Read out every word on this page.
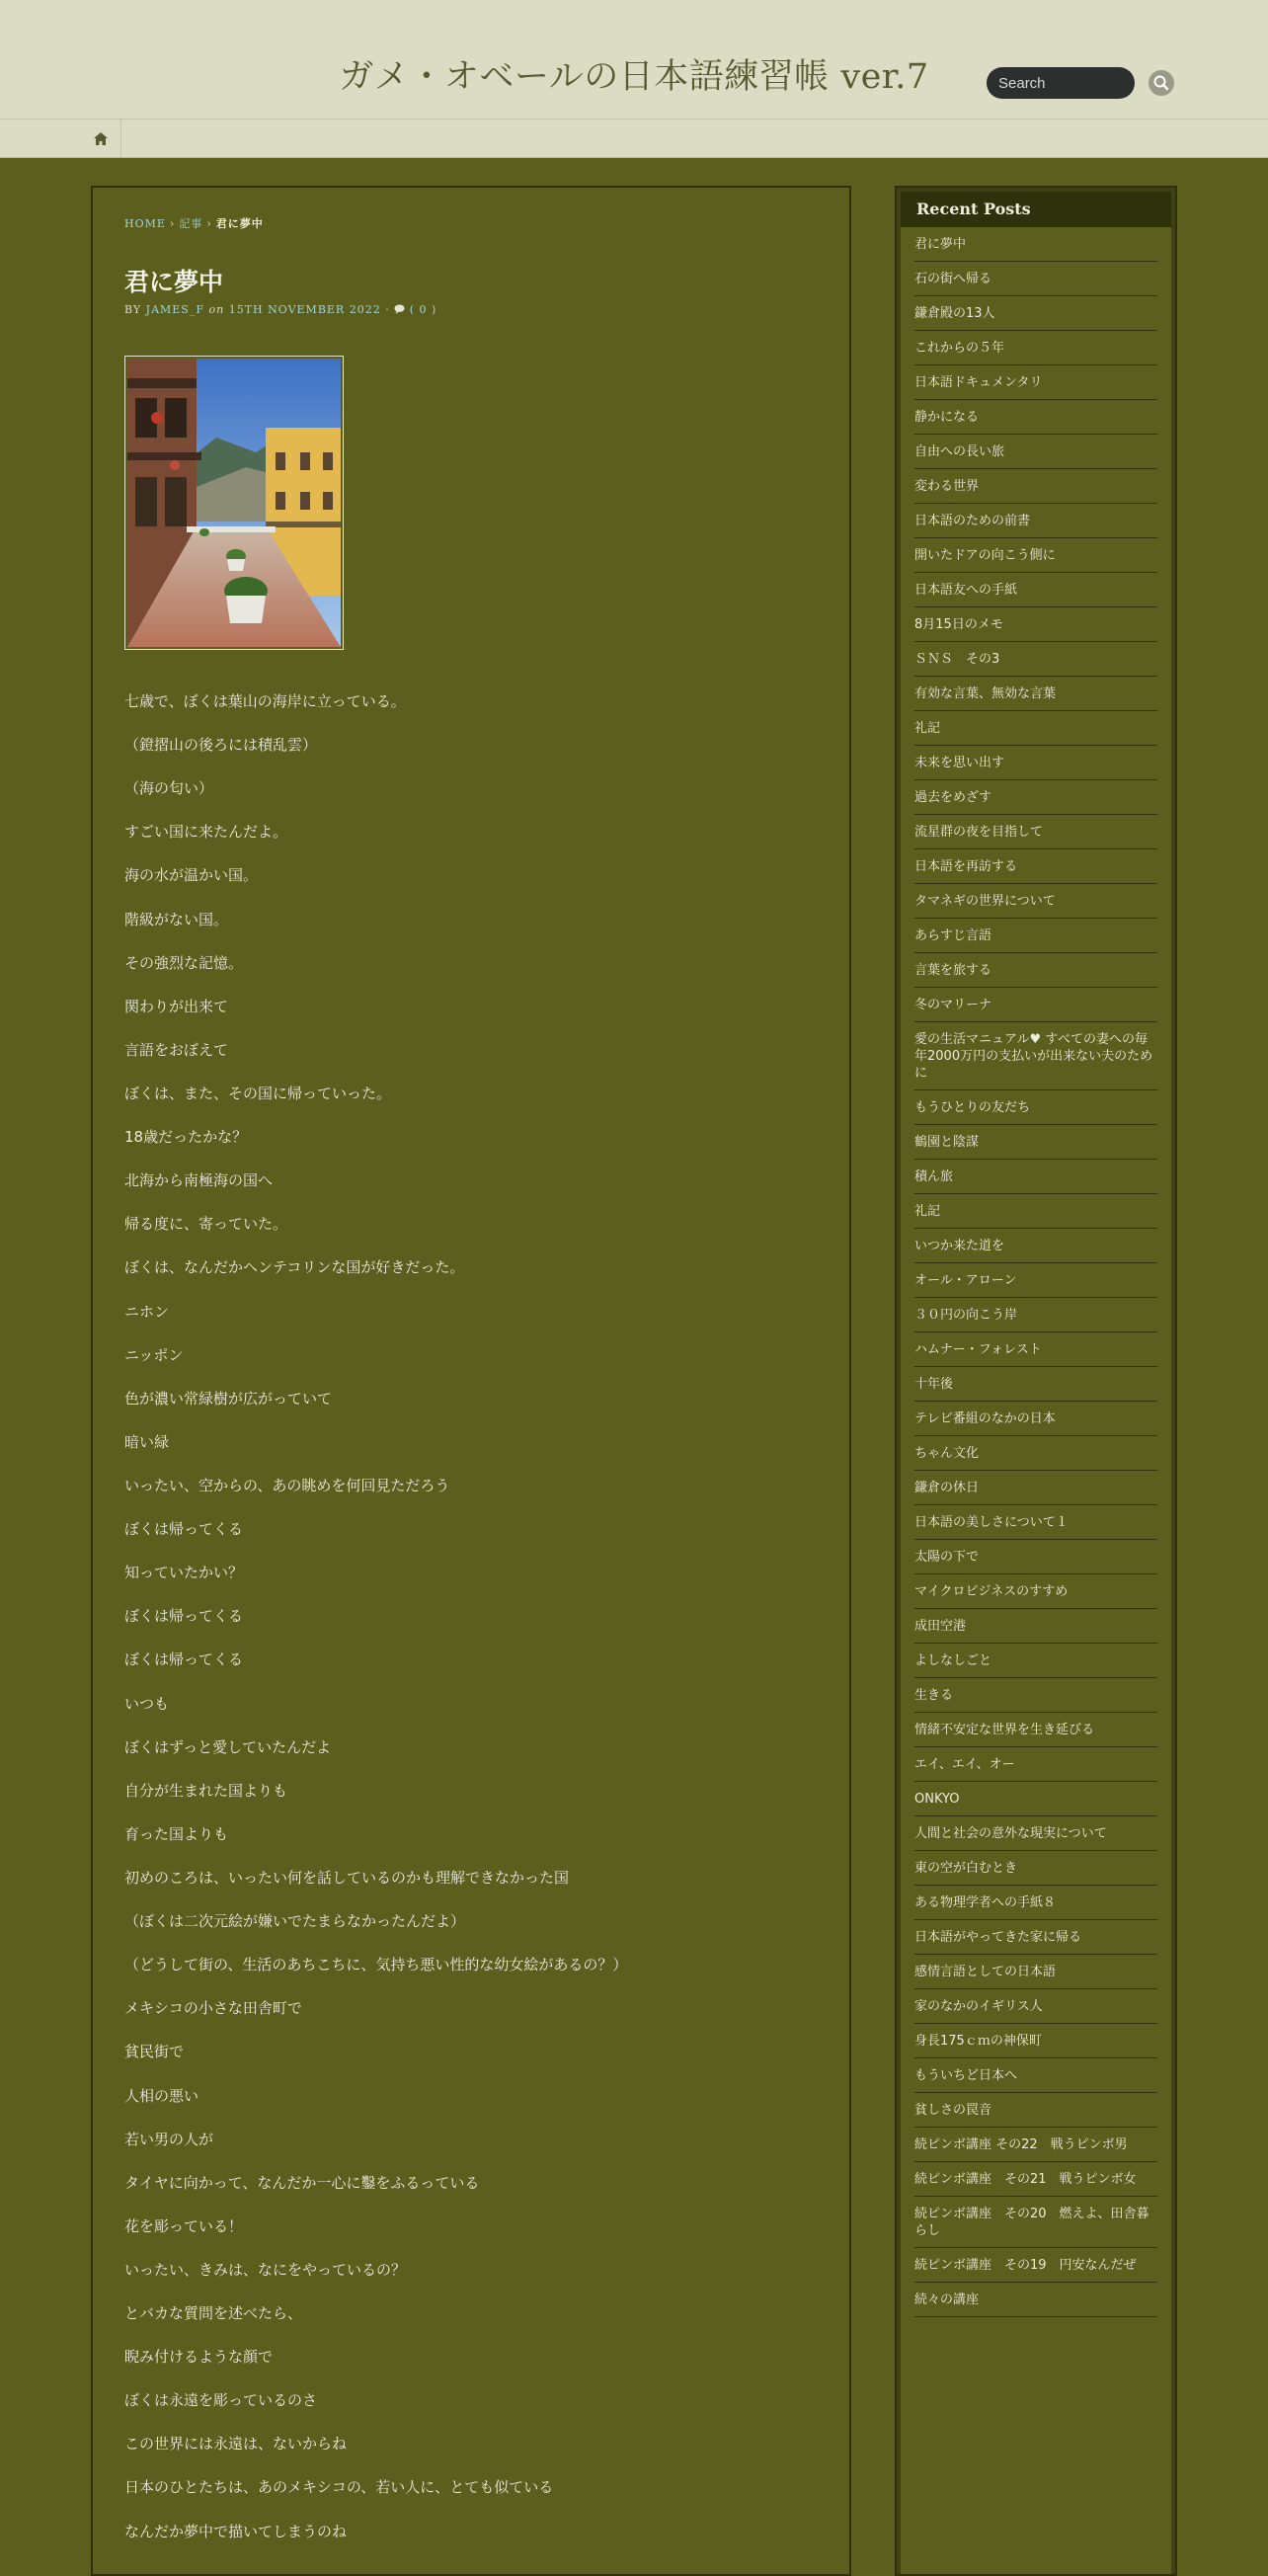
ガメ・オベールの日本語練習帳 ver.7
Search
HOME › 記事 › 君に夢中
君に夢中
BY JAMES_F on 15TH NOVEMBER 2022 · ( 0 )
七歳で、ぼくは葉山の海岸に立っている。
（鐙摺山の後ろには積乱雲）
（海の匂い）
すごい国に来たんだよ。
海の水が温かい国。
階級がない国。
その強烈な記憶。
関わりが出来て
言語をおぼえて
ぼくは、また、その国に帰っていった。
18歳だったかな？
北海から南極海の国へ
帰る度に、寄っていた。
ぼくは、なんだかヘンテコリンな国が好きだった。
ニホン
ニッポン
色が濃い常緑樹が広がっていて
暗い緑
いったい、空からの、あの眺めを何回見ただろう
ぼくは帰ってくる
知っていたかい？
ぼくは帰ってくる
ぼくは帰ってくる
いつも
ぼくはずっと愛していたんだよ
自分が生まれた国よりも
育った国よりも
初めのころは、いったい何を話しているのかも理解できなかった国
（ぼくは二次元絵が嫌いでたまらなかったんだよ）
（どうして街の、生活のあちこちに、気持ち悪い性的な幼女絵があるの？）
メキシコの小さな田舎町で
貧民街で
人相の悪い
若い男の人が
タイヤに向かって、なんだか一心に鑿をふるっている
花を彫っている！
いったい、きみは、なにをやっているの？
とバカな質問を述べたら、
睨み付けるような顔で
ぼくは永遠を彫っているのさ
この世界には永遠は、ないからね
日本のひとたちは、あのメキシコの、若い人に、とても似ている
なんだか夢中で描いてしまうのね
Recent Posts
君に夢中
石の街へ帰る
鎌倉殿の13人
これからの５年
日本語ドキュメンタリ
静かになる
自由への長い旅
変わる世界
日本語のための前書
開いたドアの向こう側に
日本語友への手紙
8月15日のメモ
ＳＮＳ　その3
有効な言葉、無効な言葉
礼記
未来を思い出す
過去をめざす
流星群の夜を目指して
日本語を再訪する
タマネギの世界について
あらすじ言語
言葉を旅する
冬のマリーナ
愛の生活マニュアル♥ すべての妻への毎年2000万円の支払いが出来ない夫のために
もうひとりの友だち
鶴園と陰謀
積ん旅
礼記
いつか来た道を
オール・アローン
３０円の向こう岸
ハムナー・フォレスト
十年後
テレビ番組のなかの日本
ちゃん文化
鎌倉の休日
日本語の美しさについて１
太陽の下で
マイクロビジネスのすすめ
成田空港
よしなしごと
生きる
情緒不安定な世界を生き延びる
エイ、エイ、オー
ONKYO
人間と社会の意外な現実について
東の空が白むとき
ある物理学者への手紙８
日本語がやってきた家に帰る
感情言語としての日本語
家のなかのイギリス人
身長175ｃｍの神保町
もういちど日本へ
貧しさの罠音
続ピンボ講座 その22　戦うピンボ男
続ピンボ講座　その21　戦うピンボ女
続ピンボ講座　その20　燃えよ、田舎暮らし
続ピンボ講座　その19　円安なんだぜ
続々の講座
